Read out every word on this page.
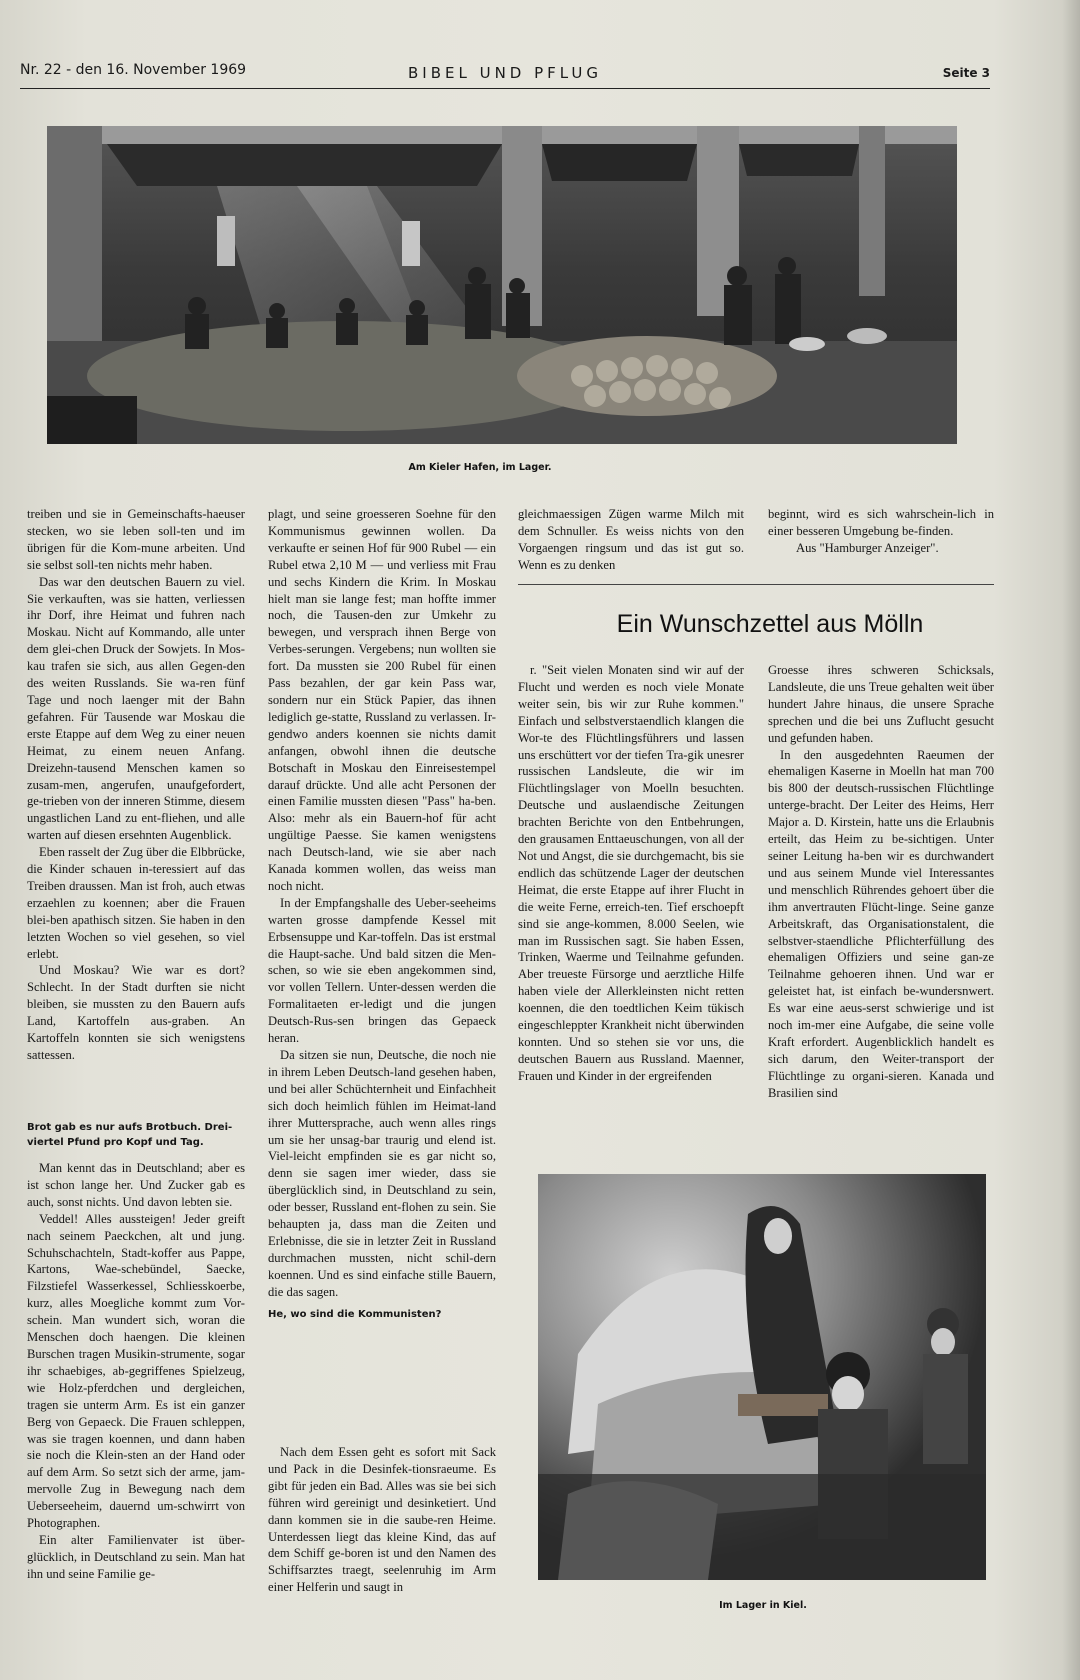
Nr. 22 - den 16. November 1969	BIBEL UND PFLUG	Seite 3
Am Kieler Hafen, im Lager.

treiben und sie in Gemeinschafts-haeuser stecken, wo sie leben soll-ten und im übrigen für die Kom-mune arbeiten. Und sie selbst soll-ten nichts mehr haben.

Das war den deutschen Bauern zu viel. Sie verkauften, was sie hatten, verliessen ihr Dorf, ihre Heimat und fuhren nach Moskau. Nicht auf Kommando, alle unter dem glei-chen Druck der Sowjets. In Mos-kau trafen sie sich, aus allen Gegen-den des weiten Russlands. Sie wa-ren fünf Tage und noch laenger mit der Bahn gefahren. Für Tausende war Moskau die erste Etappe auf dem Weg zu einer neuen Heimat, zu einem neuen Anfang. Dreizehn-tausend Menschen kamen so zusam-men, angerufen, unaufgefordert, ge-trieben von der inneren Stimme, diesem ungastlichen Land zu ent-fliehen, und alle warten auf diesen ersehnten Augenblick.

Eben rasselt der Zug über die Elbbrücke, die Kinder schauen in-teressiert auf das Treiben draussen. Man ist froh, auch etwas erzaehlen zu koennen; aber die Frauen blei-ben apathisch sitzen. Sie haben in den letzten Wochen so viel gesehen, so viel erlebt.

Und Moskau? Wie war es dort? Schlecht. In der Stadt durften sie nicht bleiben, sie mussten zu den Bauern aufs Land, Kartoffeln aus-graben. An Kartoffeln konnten sie sich wenigstens sattessen.

Brot gab es nur aufs Brotbuch. Drei-viertel Pfund pro Kopf und Tag.

Man kennt das in Deutschland; aber es ist schon lange her. Und Zucker gab es auch, sonst nichts. Und davon lebten sie.

Veddel! Alles aussteigen! Jeder greift nach seinem Paeckchen, alt und jung. Schuhschachteln, Stadt-koffer aus Pappe, Kartons, Wae-schebündel, Saecke, Filzstiefel Wasserkessel, Schliesskoerbe, kurz, alles Moegliche kommt zum Vor-schein. Man wundert sich, woran die Menschen doch haengen. Die kleinen Burschen tragen Musikin-strumente, sogar ihr schaebiges, ab-gegriffenes Spielzeug, wie Holz-pferdchen und dergleichen, tragen sie unterm Arm. Es ist ein ganzer Berg von Gepaeck. Die Frauen schleppen, was sie tragen koennen, und dann haben sie noch die Klein-sten an der Hand oder auf dem Arm. So setzt sich der arme, jam-mervolle Zug in Bewegung nach dem Ueberseeheim, dauernd um-schwirrt von Photographen.

Ein alter Familienvater ist über-glücklich, in Deutschland zu sein. Man hat ihn und seine Familie ge-

plagt, und seine groesseren Soehne für den Kommunismus gewinnen wollen. Da verkaufte er seinen Hof für 900 Rubel — ein Rubel etwa 2,10 M — und verliess mit Frau und sechs Kindern die Krim. In Moskau hielt man sie lange fest; man hoffte immer noch, die Tausen-den zur Umkehr zu bewegen, und versprach ihnen Berge von Verbes-serungen. Vergebens; nun wollten sie fort. Da mussten sie 200 Rubel für einen Pass bezahlen, der gar kein Pass war, sondern nur ein Stück Papier, das ihnen lediglich ge-statte, Russland zu verlassen. Ir-gendwo anders koennen sie nichts damit anfangen, obwohl ihnen die deutsche Botschaft in Moskau den Einreisestempel darauf drückte. Und alle acht Personen der einen Familie mussten diesen "Pass" ha-ben. Also: mehr als ein Bauern-hof für acht ungültige Paesse. Sie kamen wenigstens nach Deutsch-land, wie sie aber nach Kanada kommen wollen, das weiss man noch nicht.

In der Empfangshalle des Ueber-seeheims warten grosse dampfende Kessel mit Erbsensuppe und Kar-toffeln. Das ist erstmal die Haupt-sache. Und bald sitzen die Men-schen, so wie sie eben angekommen sind, vor vollen Tellern. Unter-dessen werden die Formalitaeten er-ledigt und die jungen Deutsch-Rus-sen bringen das Gepaeck heran.

Da sitzen sie nun, Deutsche, die noch nie in ihrem Leben Deutsch-land gesehen haben, und bei aller Schüchternheit und Einfachheit sich doch heimlich fühlen im Heimat-land ihrer Muttersprache, auch wenn alles rings um sie her unsag-bar traurig und elend ist. Viel-leicht empfinden sie es gar nicht so, denn sie sagen imer wieder, dass sie überglücklich sind, in Deutschland zu sein, oder besser, Russland ent-flohen zu sein. Sie behaupten ja, dass man die Zeiten und Erlebnisse, die sie in letzter Zeit in Russland durchmachen mussten, nicht schil-dern koennen. Und es sind einfache stille Bauern, die das sagen.

He, wo sind die Kommunisten?

Nach dem Essen geht es sofort mit Sack und Pack in die Desinfek-tionsraeume. Es gibt für jeden ein Bad. Alles was sie bei sich führen wird gereinigt und desinketiert. Und dann kommen sie in die saube-ren Heime. Unterdessen liegt das kleine Kind, das auf dem Schiff ge-boren ist und den Namen des Schiffsarztes traegt, seelenruhig im Arm einer Helferin und saugt in

gleichmaessigen Zügen warme Milch mit dem Schnuller. Es weiss nichts von den Vorgaengen ringsum und das ist gut so. Wenn es zu denken

beginnt, wird es sich wahrschein-lich in einer besseren Umgebung be-finden.

Aus "Hamburger Anzeiger".

Ein Wunschzettel aus Mölln

r. "Seit vielen Monaten sind wir auf der Flucht und werden es noch viele Monate weiter sein, bis wir zur Ruhe kommen." Einfach und selbstverstaendlich klangen die Wor-te des Flüchtlingsführers und lassen uns erschüttert vor der tiefen Tra-gik unesrer russischen Landsleute, die wir im Flüchtlingslager von Moelln besuchten. Deutsche und auslaendische Zeitungen brachten Berichte von den Entbehrungen, den grausamen Enttaeuschungen, von all der Not und Angst, die sie durchgemacht, bis sie endlich das schützende Lager der deutschen Heimat, die erste Etappe auf ihrer Flucht in die weite Ferne, erreich-ten. Tief erschoepft sind sie ange-kommen, 8.000 Seelen, wie man im Russischen sagt. Sie haben Essen, Trinken, Waerme und Teilnahme gefunden. Aber treueste Fürsorge und aerztliche Hilfe haben viele der Allerkleinsten nicht retten koennen, die den toedtlichen Keim tükisch eingeschleppter Krankheit nicht überwinden konnten. Und so stehen sie vor uns, die deutschen Bauern aus Russland. Maenner, Frauen und Kinder in der ergreifenden

Groesse ihres schweren Schicksals, Landsleute, die uns Treue gehalten weit über hundert Jahre hinaus, die unsere Sprache sprechen und die bei uns Zuflucht gesucht und gefunden haben.

In den ausgedehnten Raeumen der ehemaligen Kaserne in Moelln hat man 700 bis 800 der deutsch-russischen Flüchtlinge unterge-bracht. Der Leiter des Heims, Herr Major a. D. Kirstein, hatte uns die Erlaubnis erteilt, das Heim zu be-sichtigen. Unter seiner Leitung ha-ben wir es durchwandert und aus seinem Munde viel Interessantes und menschlich Rührendes gehoert über die ihm anvertrauten Flücht-linge. Seine ganze Arbeitskraft, das Organisationstalent, die selbstver-staendliche Pflichterfüllung des ehemaligen Offiziers und seine gan-ze Teilnahme gehoeren ihnen. Und war er geleistet hat, ist einfach be-wundersnwert. Es war eine aeus-serst schwierige und ist noch im-mer eine Aufgabe, die seine volle Kraft erfordert. Augenblicklich handelt es sich darum, den Weiter-transport der Flüchtlinge zu organi-sieren. Kanada und Brasilien sind

Im Lager in Kiel.
